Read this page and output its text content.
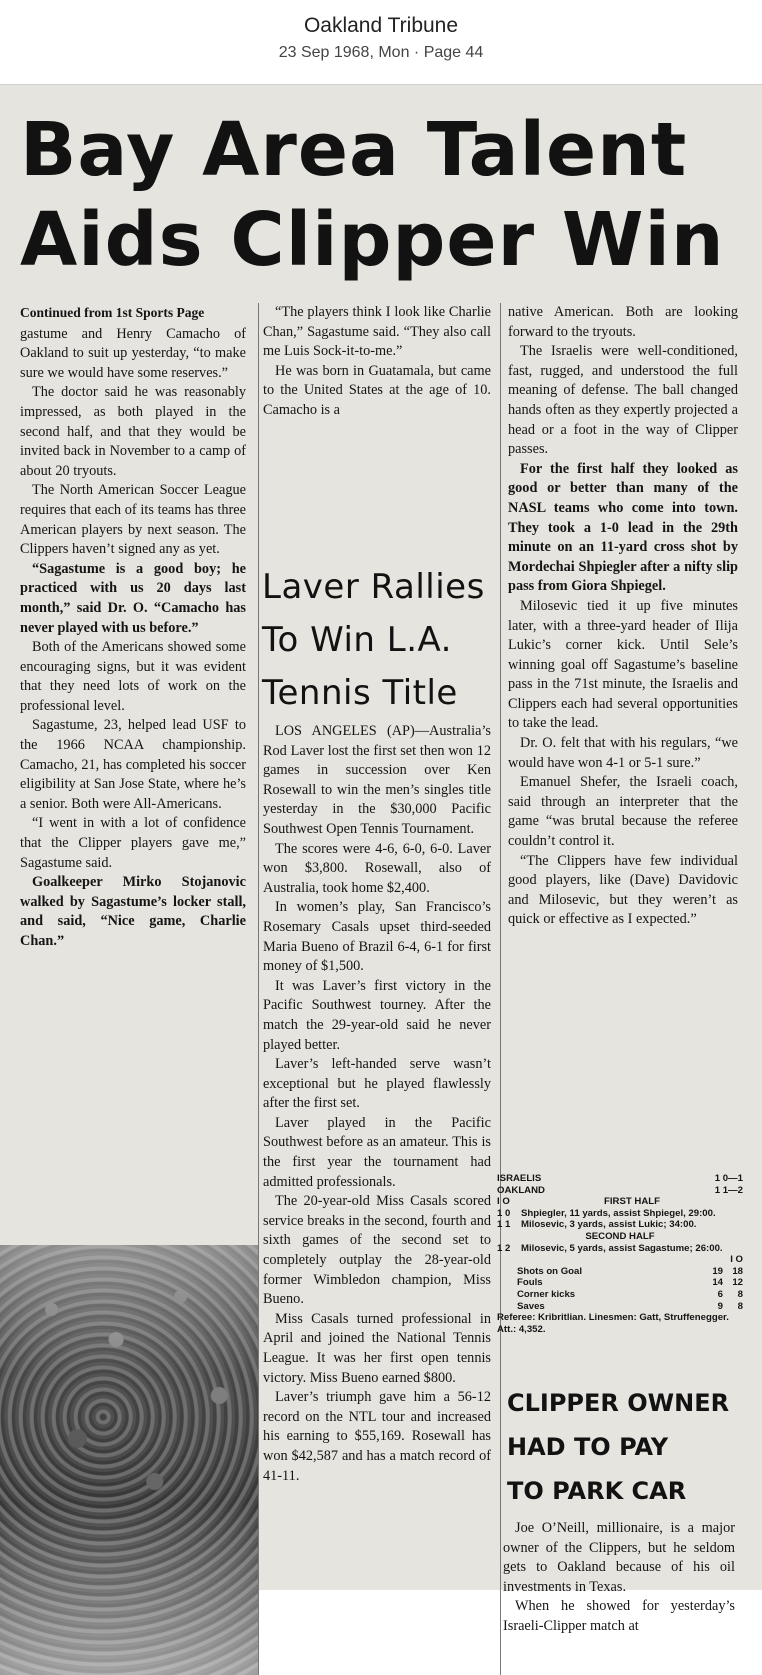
Oakland Tribune
23 Sep 1968, Mon · Page 44
Bay Area Talent
Aids Clipper Win

Continued from 1st Sports Page

gastume and Henry Camacho of Oakland to suit up yesterday, “to make sure we would have some reserves.”

The doctor said he was reasonably impressed, as both played in the second half, and that they would be invited back in November to a camp of about 20 tryouts.

The North American Soccer League requires that each of its teams has three American players by next season. The Clippers haven’t signed any as yet.

“Sagastume is a good boy; he practiced with us 20 days last month,” said Dr. O. “Camacho has never played with us before.”

Both of the Americans showed some encouraging signs, but it was evident that they need lots of work on the professional level.

Sagastume, 23, helped lead USF to the 1966 NCAA championship. Camacho, 21, has completed his soccer eligibility at San Jose State, where he’s a senior. Both were All-Americans.

“I went in with a lot of confidence that the Clipper players gave me,” Sagastume said.

Goalkeeper Mirko Stojanovic walked by Sagastume’s locker stall, and said, “Nice game, Charlie Chan.”

“The players think I look like Charlie Chan,” Sagastume said. “They also call me Luis Sock-it-to-me.”

He was born in Guatamala, but came to the United States at the age of 10. Camacho is a

Laver Rallies
To Win L.A.
Tennis Title

LOS ANGELES (AP)—Australia’s Rod Laver lost the first set then won 12 games in succession over Ken Rosewall to win the men’s singles title yesterday in the $30,000 Pacific Southwest Open Tennis Tournament.

The scores were 4-6, 6-0, 6-0. Laver won $3,800. Rosewall, also of Australia, took home $2,400.

In women’s play, San Francisco’s Rosemary Casals upset third-seeded Maria Bueno of Brazil 6-4, 6-1 for first money of $1,500.

It was Laver’s first victory in the Pacific Southwest tourney. After the match the 29-year-old said he never played better.

Laver’s left-handed serve wasn’t exceptional but he played flawlessly after the first set.

Laver played in the Pacific Southwest before as an amateur. This is the first year the tournament had admitted professionals.

The 20-year-old Miss Casals scored service breaks in the second, fourth and sixth games of the second set to completely outplay the 28-year-old former Wimbledon champion, Miss Bueno.

Miss Casals turned professional in April and joined the National Tennis League. It was her first open tennis victory. Miss Bueno earned $800.

Laver’s triumph gave him a 56-12 record on the NTL tour and increased his earning to $55,169. Rosewall has won $42,587 and has a match record of 41-11.

native American. Both are looking forward to the tryouts.

The Israelis were well-conditioned, fast, rugged, and understood the full meaning of defense. The ball changed hands often as they expertly projected a head or a foot in the way of Clipper passes.

For the first half they looked as good or better than many of the NASL teams who come into town. They took a 1-0 lead in the 29th minute on an 11-yard cross shot by Mordechai Shpiegler after a nifty slip pass from Giora Shpiegel.

Milosevic tied it up five minutes later, with a three-yard header of Ilija Lukic’s corner kick. Until Sele’s winning goal off Sagastume’s baseline pass in the 71st minute, the Israelis and Clippers each had several opportunities to take the lead.

Dr. O. felt that with his regulars, “we would have won 4-1 or 5-1 sure.”

Emanuel Shefer, the Israeli coach, said through an interpreter that the game “was brutal because the referee couldn’t control it.

“The Clippers have few individual good players, like (Dave) Davidovic and Milosevic, but they weren’t as quick or effective as I expected.”

ISRAELIS	1 0—1
OAKLAND	1 1—2
I O	FIRST HALF
1 0	Shpiegler, 11 yards, assist Shpiegel, 29:00.
1 1	Milosevic, 3 yards, assist Lukic; 34:00.
SECOND HALF
1 2	Milosevic, 5 yards, assist Sagastume; 26:00.
I O
Shots on Goal	19 18
Fouls	14 12
Corner kicks	6	8
Saves	9	8
Referee: Kribritlian. Linesmen: Gatt, Struffenegger. Att.: 4,352.
CLIPPER OWNER
HAD TO PAY
TO PARK CAR

Joe O’Neill, millionaire, is a major owner of the Clippers, but he seldom gets to Oakland because of his oil investments in Texas.

When he showed for yesterday’s Israeli-Clipper match at
